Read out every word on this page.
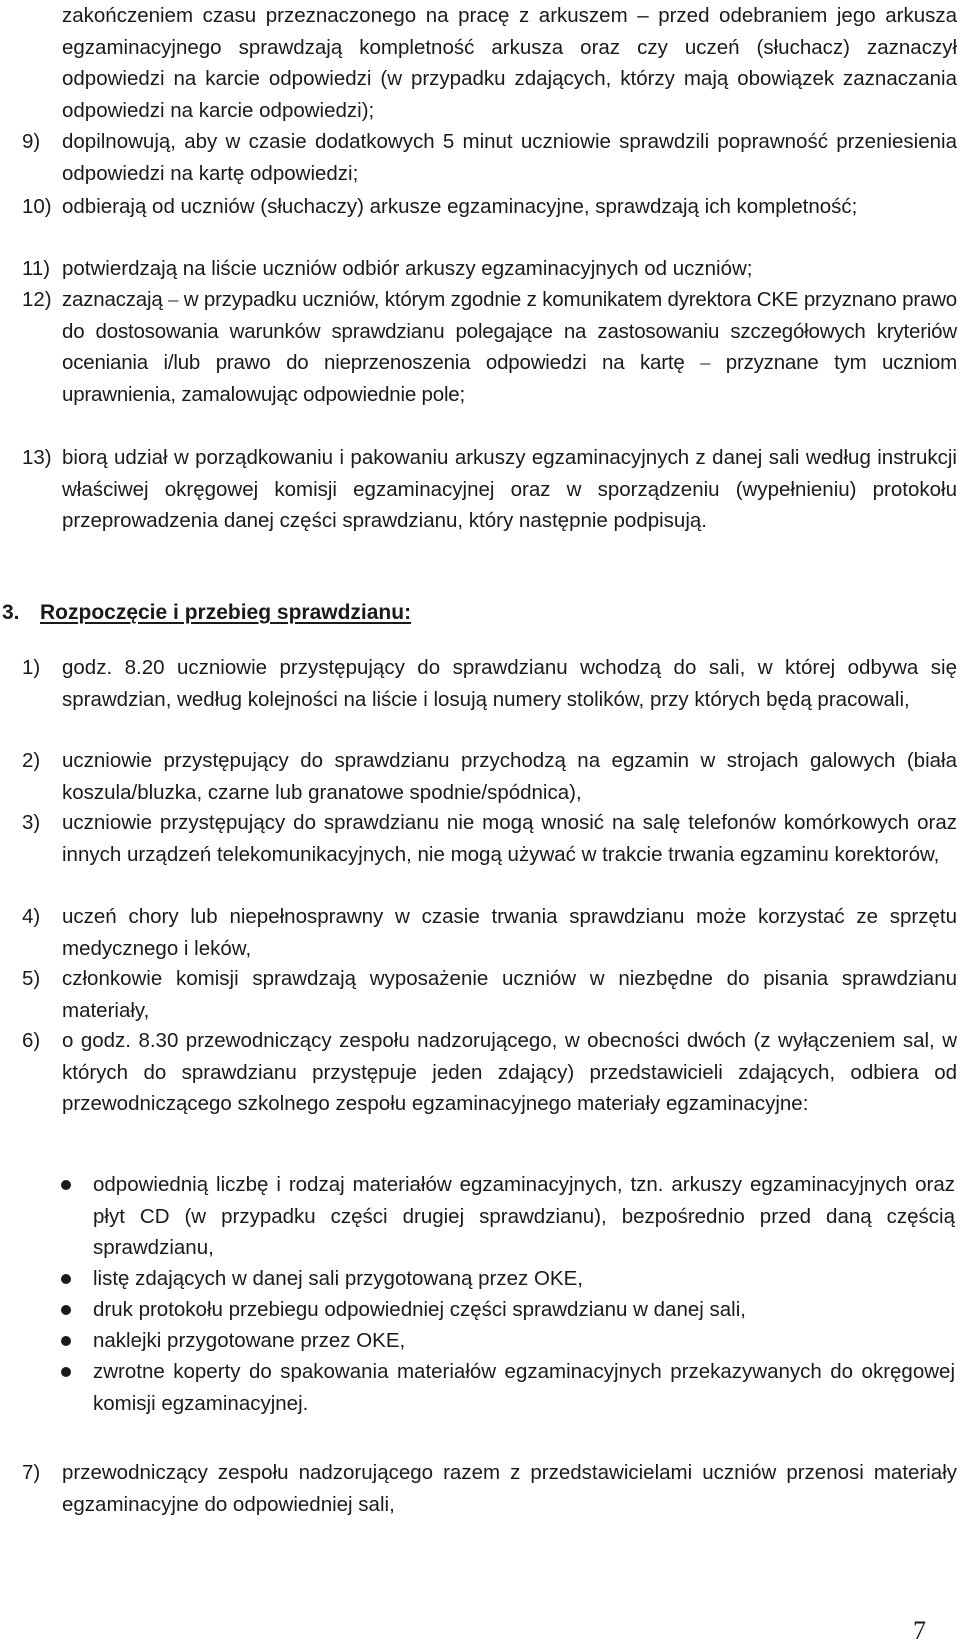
zakończeniem czasu przeznaczonego na pracę z arkuszem – przed odebraniem jego arkusza egzaminacyjnego sprawdzają kompletność arkusza oraz czy uczeń (słuchacz) zaznaczył odpowiedzi na karcie odpowiedzi (w przypadku zdających, którzy mają obowiązek zaznaczania odpowiedzi na karcie odpowiedzi);
9) dopilnowują, aby w czasie dodatkowych 5 minut uczniowie sprawdzili poprawność przeniesienia odpowiedzi na kartę odpowiedzi;
10) odbierają od uczniów (słuchaczy) arkusze egzaminacyjne, sprawdzają ich kompletność;
11) potwierdzają na liście uczniów odbiór arkuszy egzaminacyjnych od uczniów;
12) zaznaczają ⎯ w przypadku uczniów, którym zgodnie z komunikatem dyrektora CKE przyznano prawo do dostosowania warunków sprawdzianu polegające na zastosowaniu szczegółowych kryteriów oceniania i/lub prawo do nieprzenoszenia odpowiedzi na kartę ⎯ przyznane tym uczniom uprawnienia, zamalowując odpowiednie pole;
13) biorą udział w porządkowaniu i pakowaniu arkuszy egzaminacyjnych z danej sali według instrukcji właściwej okręgowej komisji egzaminacyjnej oraz w sporządzeniu (wypełnieniu) protokołu przeprowadzenia danej części sprawdzianu, który następnie podpisują.
3. Rozpoczęcie i przebieg sprawdzianu:
1) godz. 8.20 uczniowie przystępujący do sprawdzianu wchodzą do sali, w której odbywa się sprawdzian, według kolejności na liście i losują numery stolików, przy których będą pracowali,
2) uczniowie przystępujący do sprawdzianu przychodzą na egzamin w strojach galowych (biała koszula/bluzka, czarne lub granatowe spodnie/spódnica),
3) uczniowie przystępujący do sprawdzianu nie mogą wnosić na salę telefonów komórkowych oraz innych urządzeń telekomunikacyjnych, nie mogą używać w trakcie trwania egzaminu korektorów,
4) uczeń chory lub niepełnosprawny w czasie trwania sprawdzianu może korzystać ze sprzętu medycznego i leków,
5) członkowie komisji sprawdzają wyposażenie uczniów w niezbędne do pisania sprawdzianu materiały,
6) o godz. 8.30 przewodniczący zespołu nadzorującego, w obecności dwóch (z wyłączeniem sal, w których do sprawdzianu przystępuje jeden zdający) przedstawicieli zdających, odbiera od przewodniczącego szkolnego zespołu egzaminacyjnego materiały egzaminacyjne:
odpowiednią liczbę i rodzaj materiałów egzaminacyjnych, tzn. arkuszy egzaminacyjnych oraz płyt CD (w przypadku części drugiej sprawdzianu), bezpośrednio przed daną częścią sprawdzianu,
listę zdających w danej sali przygotowaną przez OKE,
druk protokołu przebiegu odpowiedniej części sprawdzianu w danej sali,
naklejki przygotowane przez OKE,
zwrotne koperty do spakowania materiałów egzaminacyjnych przekazywanych do okręgowej komisji egzaminacyjnej.
7) przewodniczący zespołu nadzorującego razem z przedstawicielami uczniów przenosi materiały egzaminacyjne do odpowiedniej sali,
7
